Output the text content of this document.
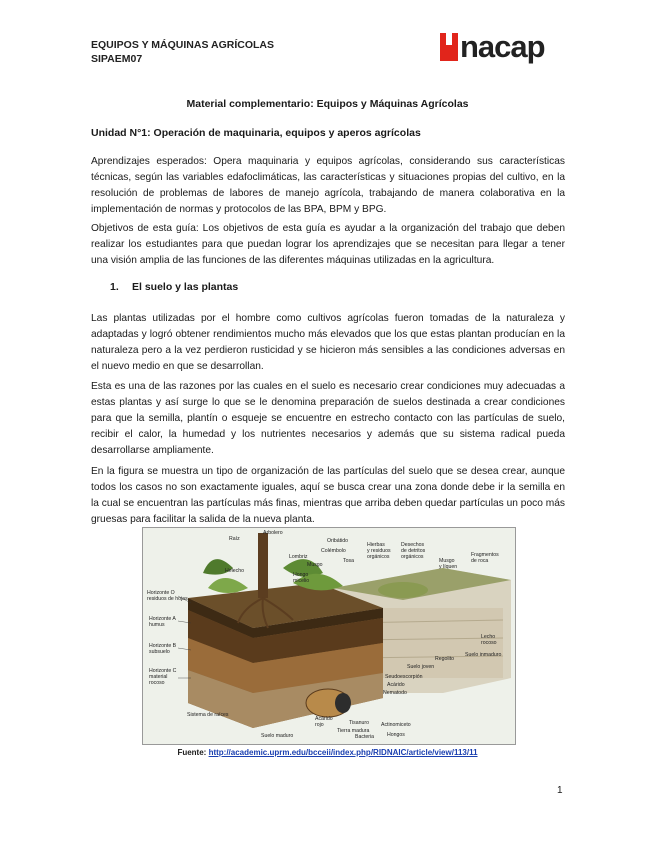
EQUIPOS Y MÁQUINAS AGRÍCOLAS
SIPAEM07	nacap
Material complementario: Equipos y Máquinas Agrícolas
Unidad N°1: Operación de maquinaria, equipos y aperos agrícolas

Aprendizajes esperados: Opera maquinaria y equipos agrícolas, considerando sus características técnicas, según las variables edafoclimáticas, las características y situaciones propias del cultivo, en la resolución de problemas de labores de manejo agrícola, trabajando de manera colaborativa en la implementación de normas y protocolos de las BPA, BPM y BPG.

Objetivos de esta guía: Los objetivos de esta guía es ayudar a la organización del trabajo que deben realizar los estudiantes para que puedan lograr los aprendizajes que se necesitan para llegar a tener una visión amplia de las funciones de las diferentes máquinas utilizadas en la agricultura.

1. El suelo y las plantas

Las plantas utilizadas por el hombre como cultivos agrícolas fueron tomadas de la naturaleza y adaptadas y logró obtener rendimientos mucho más elevados que los que estas plantan producían en la naturaleza pero a la vez perdieron rusticidad y se hicieron más sensibles a las condiciones adversas en el nuevo medio en que se desarrollan.

Esta es una de las razones por las cuales en el suelo es necesario crear condiciones muy adecuadas a estas plantas y así surge lo que se le denomina preparación de suelos destinada a crear condiciones para que la semilla, plantín o esqueje se encuentre en estrecho contacto con las partículas de suelo, recibir el calor, la humedad y los nutrientes necesarios y además que su sistema radical pueda desarrollarse ampliamente.

En la figura se muestra un tipo de organización de las partículas del suelo que se desea crear, aunque todos los casos no son exactamente iguales, aquí se busca crear una zona donde debe ir la semilla en la cual se encuentran las partículas más finas, mientras que arriba deben quedar partículas un poco más gruesas para facilitar la salida de la nueva planta.

Raíz
Arbolero
Helecho
Lombriz
Musgo
Hongo
micelio
Colémbolo
Oribátido
Tosa
Hierbas
y residuos
orgánicos
Desechos
de detritos
orgánicos
Musgo
y líquen
Fragmentos
de roca
Horizonte O
residuos de hojas
Horizonte A
humus
Horizonte B
subsuelo
Horizonte C
material
rocoso
Lecho
rocoso
Suelo inmaduro
Regolito
Suelo joven
Seudoescorpión
Acárido
Nematodo
Sistema de raíces
Acárido
rojo
Suelo maduro
Tierra madura
Tisanuro
Bacteria
Actinomiceto
Hongos
Fuente: http://academic.uprm.edu/bcceii/index.php/RIDNAIC/article/view/113/11
1
